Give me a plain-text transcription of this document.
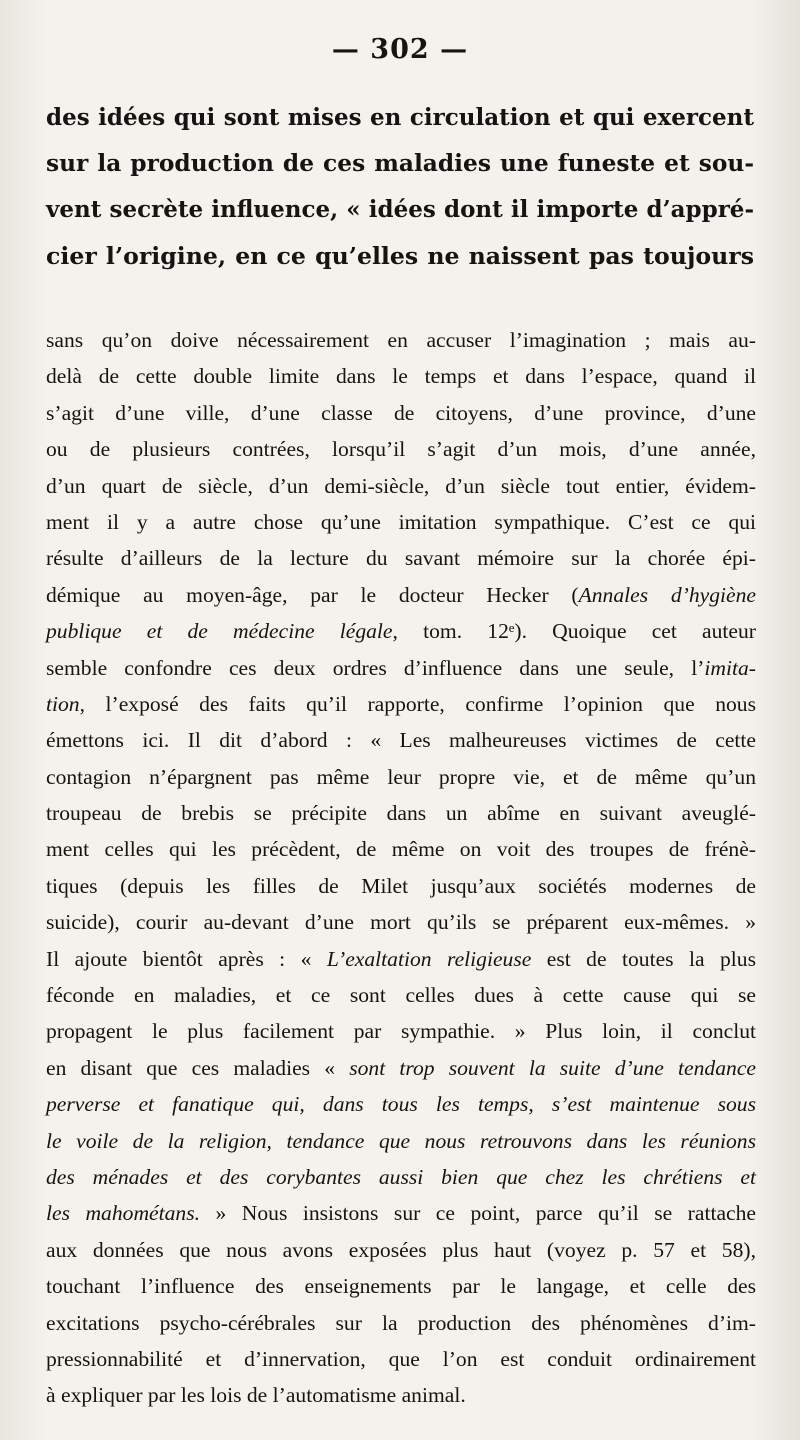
— 302 —
des idées qui sont mises en circulation et qui exercent
sur la production de ces maladies une funeste et sou-
vent secrète influence, « idées dont il importe d’appré-
cier l’origine, en ce qu’elles ne naissent pas toujours
sans qu’on doive nécessairement en accuser l’imagination ; mais au-
delà de cette double limite dans le temps et dans l’espace, quand il
s’agit d’une ville, d’une classe de citoyens, d’une province, d’une
ou de plusieurs contrées, lorsqu’il s’agit d’un mois, d’une année,
d’un quart de siècle, d’un demi-siècle, d’un siècle tout entier, évidem-
ment il y a autre chose qu’une imitation sympathique. C’est ce qui
résulte d’ailleurs de la lecture du savant mémoire sur la chorée épi-
démique au moyen-âge, par le docteur Hecker (Annales d’hygiène
publique et de médecine légale, tom. 12ᵉ). Quoique cet auteur
semble confondre ces deux ordres d’influence dans une seule, l’imita-
tion, l’exposé des faits qu’il rapporte, confirme l’opinion que nous
émettons ici. Il dit d’abord : « Les malheureuses victimes de cette
contagion n’épargnent pas même leur propre vie, et de même qu’un
troupeau de brebis se précipite dans un abîme en suivant aveuglé-
ment celles qui les précèdent, de même on voit des troupes de frénè-
tiques (depuis les filles de Milet jusqu’aux sociétés modernes de
suicide), courir au-devant d’une mort qu’ils se préparent eux-mêmes. »
Il ajoute bientôt après : « L’exaltation religieuse est de toutes la plus
féconde en maladies, et ce sont celles dues à cette cause qui se
propagent le plus facilement par sympathie. » Plus loin, il conclut
en disant que ces maladies « sont trop souvent la suite d’une tendance
perverse et fanatique qui, dans tous les temps, s’est maintenue sous
le voile de la religion, tendance que nous retrouvons dans les réunions
des ménades et des corybantes aussi bien que chez les chrétiens et
les mahométans. » Nous insistons sur ce point, parce qu’il se rattache
aux données que nous avons exposées plus haut (voyez p. 57 et 58),
touchant l’influence des enseignements par le langage, et celle des
excitations psycho-cérébrales sur la production des phénomènes d’im-
pressionnabilité et d’innervation, que l’on est conduit ordinairement
à expliquer par les lois de l’automatisme animal.
